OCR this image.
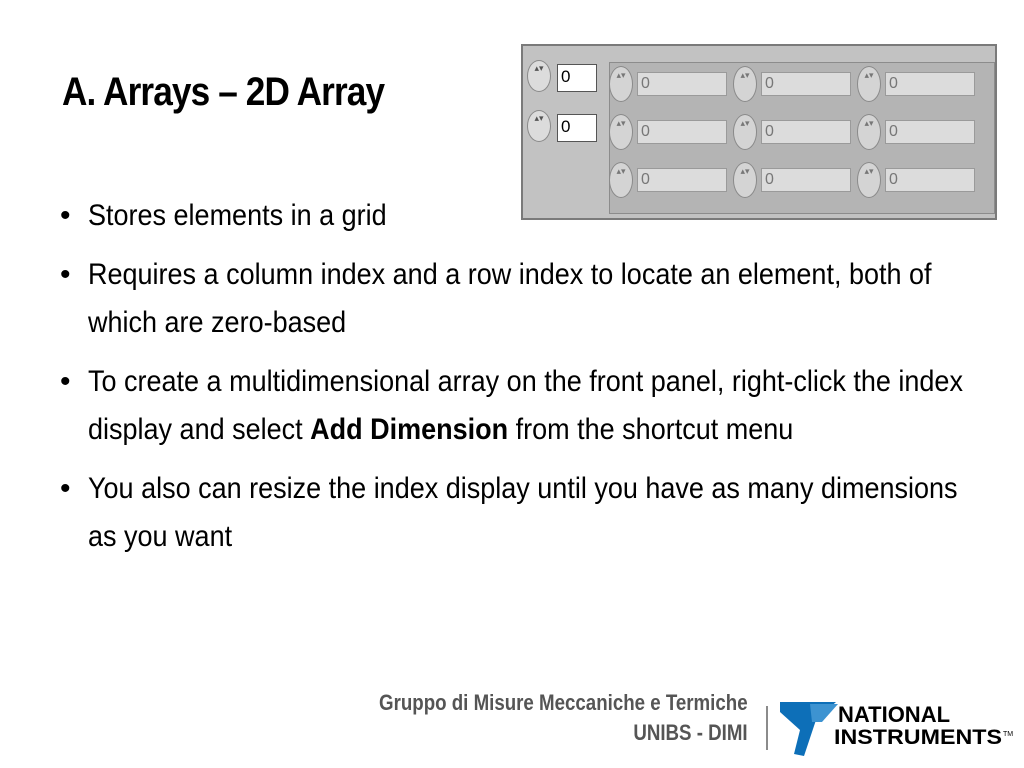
A. Arrays – 2D Array
• Stores elements in a grid
• Requires a column index and a row index to locate an element, both of which are zero-based
• To create a multidimensional array on the front panel, right-click the index display and select Add Dimension from the shortcut menu
• You also can resize the index display until you have as many dimensions as you want
▴▾	0
▴▾	0
▴▾ 0	▴▾ 0	▴▾ 0
▴▾ 0	▴▾ 0	▴▾ 0
▴▾ 0	▴▾ 0	▴▾ 0
Gruppo di Misure Meccaniche e Termiche
UNIBS - DIMI
NATIONAL
INSTRUMENTS TM
